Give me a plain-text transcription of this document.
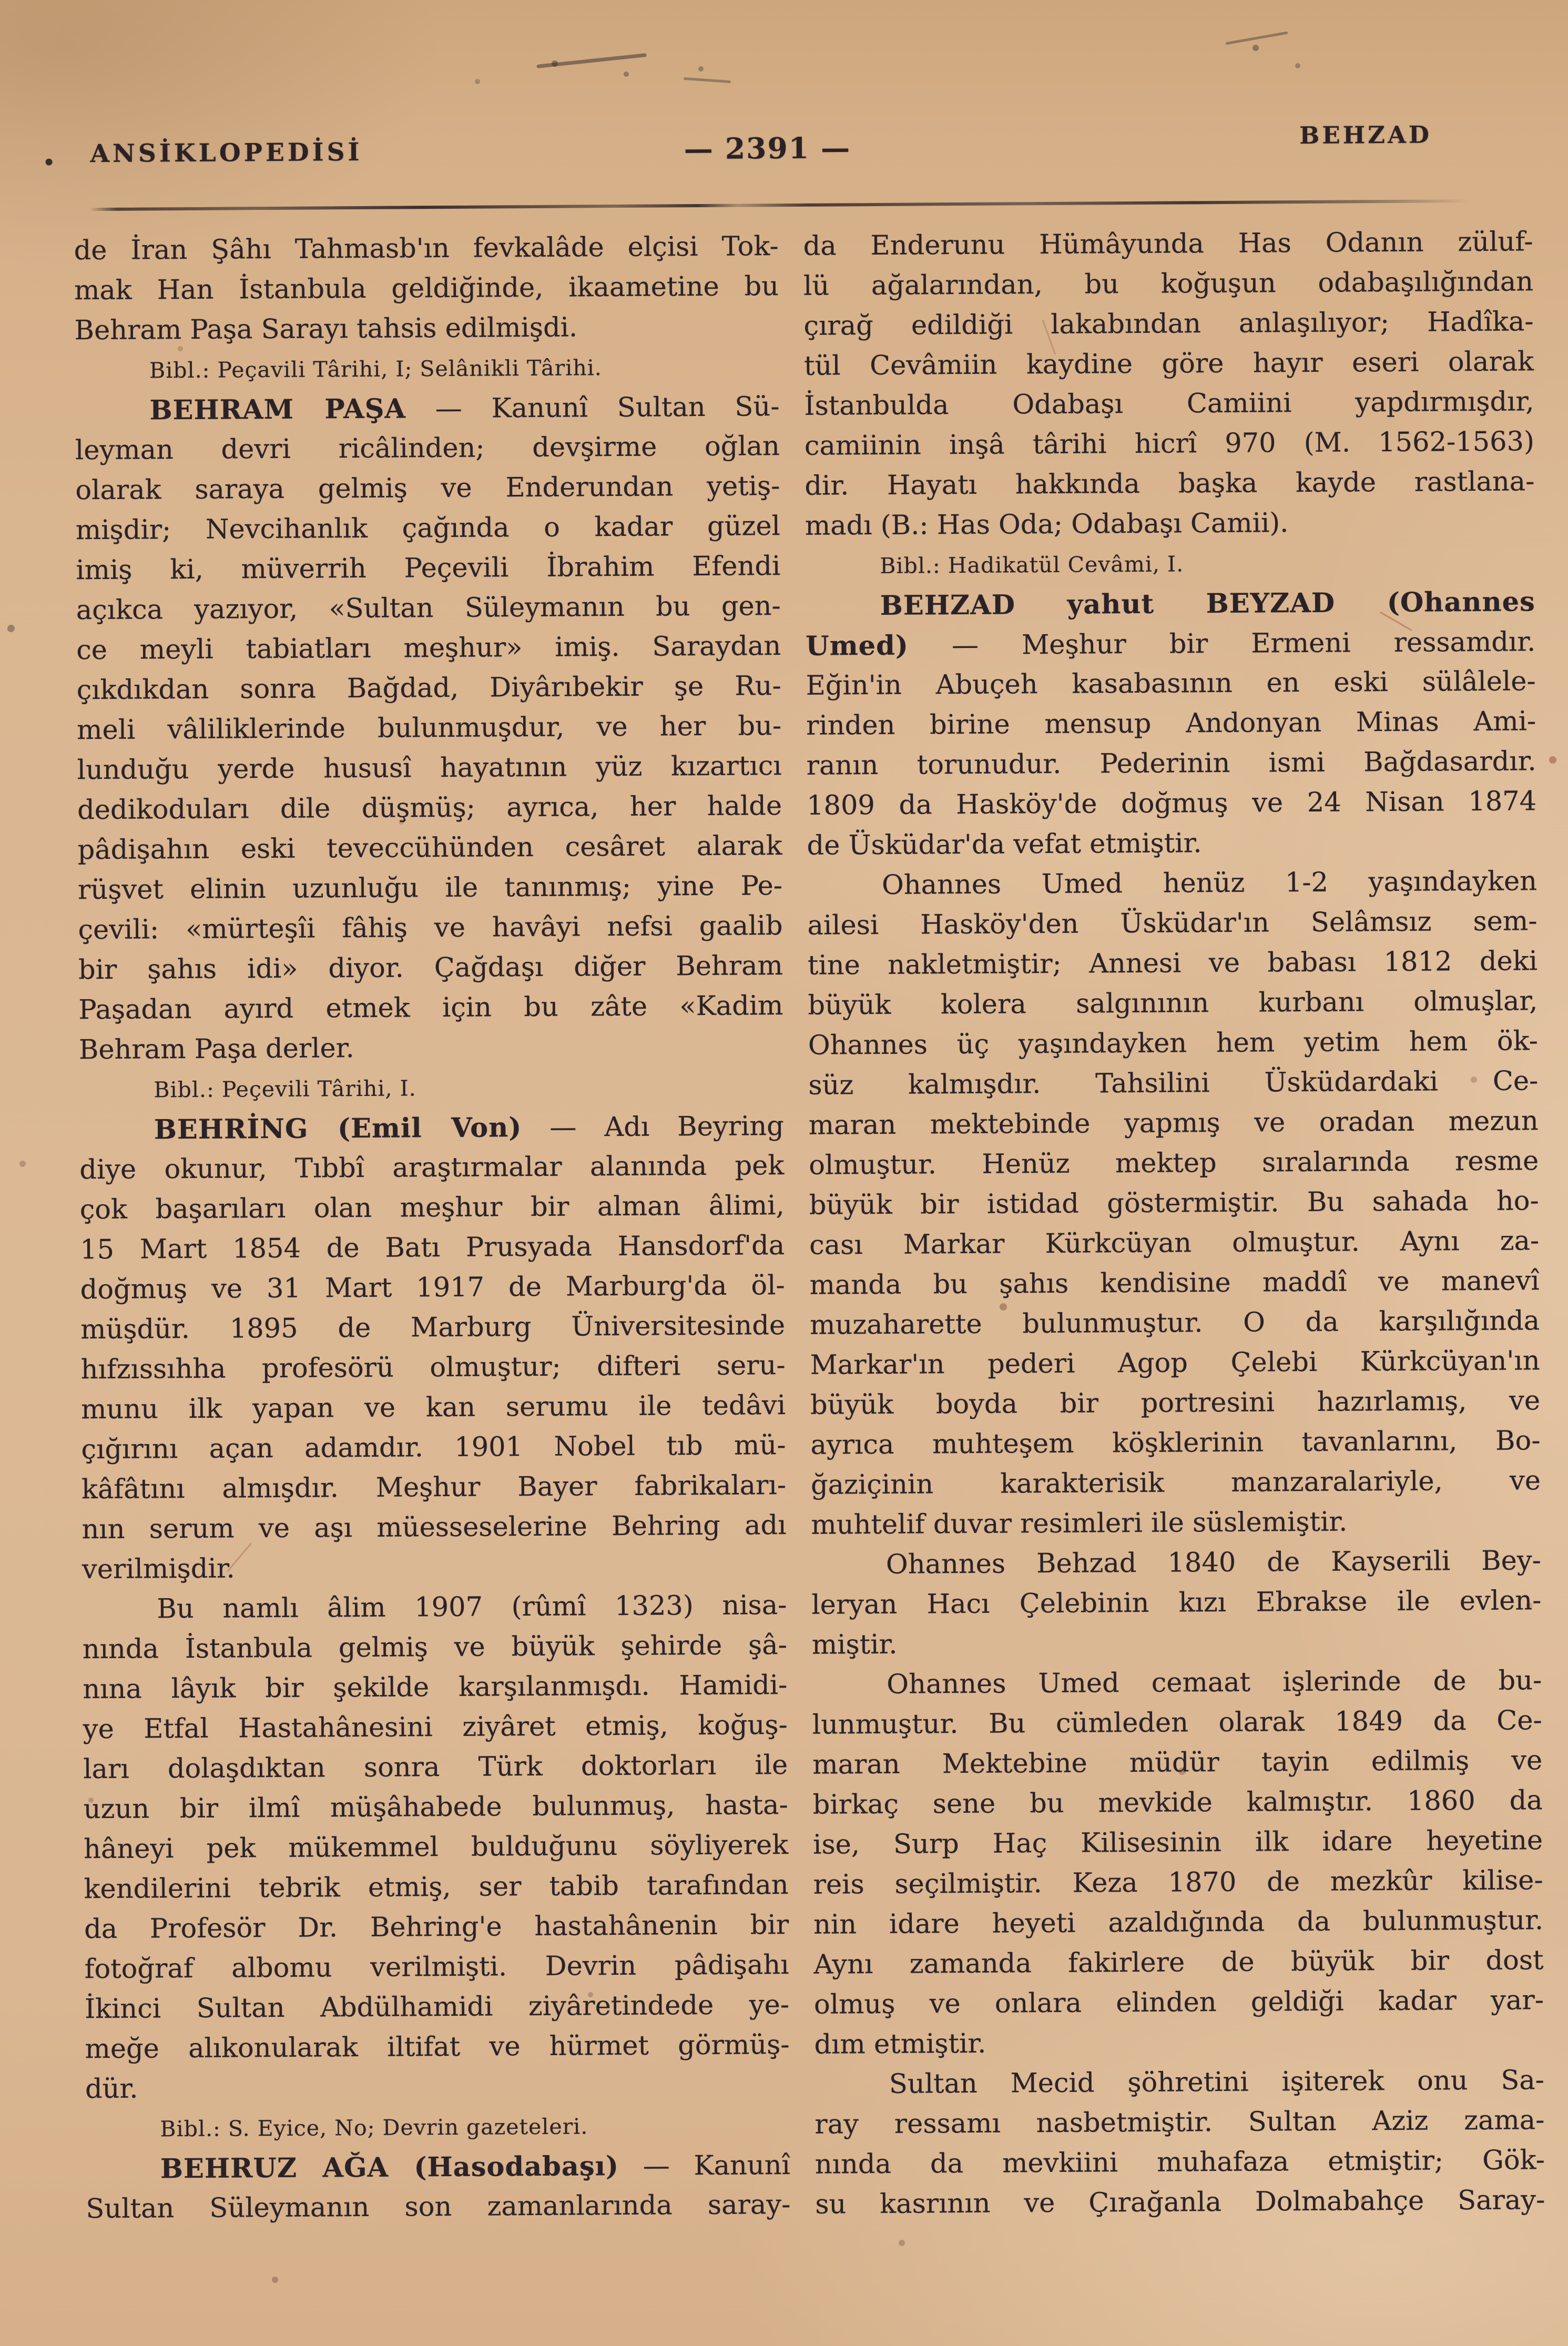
ANSİKLOPEDİSİ	— 2391 —	BEHZAD
de İran Şâhı Tahmasb'ın fevkalâde elçisi Tok-
mak Han İstanbula geldiğinde, ikaametine bu
Behram Paşa Sarayı tahsis edilmişdi.
Bibl.: Peçavili Târihi, I; Selânikli Târihi.
BEHRAM PAŞA — Kanunî Sultan Sü-
leyman devri ricâlinden; devşirme oğlan
olarak saraya gelmiş ve Enderundan yetiş-
mişdir; Nevcihanlık çağında o kadar güzel
imiş ki, müverrih Peçevili İbrahim Efendi
açıkca yazıyor, «Sultan Süleymanın bu gen-
ce meyli tabiatları meşhur» imiş. Saraydan
çıkdıkdan sonra Bağdad, Diyârıbekir şe Ru-
meli vâliliklerinde bulunmuşdur, ve her bu-
lunduğu yerde hususî hayatının yüz kızartıcı
dedikoduları dile düşmüş; ayrıca, her halde
pâdişahın eski teveccühünden cesâret alarak
rüşvet elinin uzunluğu ile tanınmış; yine Pe-
çevili: «mürteşîi fâhiş ve havâyi nefsi gaalib
bir şahıs idi» diyor. Çağdaşı diğer Behram
Paşadan ayırd etmek için bu zâte «Kadim
Behram Paşa derler.
Bibl.: Peçevili Târihi, I.
BEHRİNG (Emil Von) — Adı Beyring
diye okunur, Tıbbî araştırmalar alanında pek
çok başarıları olan meşhur bir alman âlimi,
15 Mart 1854 de Batı Prusyada Hansdorf'da
doğmuş ve 31 Mart 1917 de Marburg'da öl-
müşdür. 1895 de Marburg Üniversitesinde
hıfzıssıhha profesörü olmuştur; difteri seru-
munu ilk yapan ve kan serumu ile tedâvi
çığırını açan adamdır. 1901 Nobel tıb mü-
kâfâtını almışdır. Meşhur Bayer fabrikaları-
nın serum ve aşı müesseselerine Behring adı
verilmişdir.
Bu namlı âlim 1907 (rûmî 1323) nisa-
nında İstanbula gelmiş ve büyük şehirde şâ-
nına lâyık bir şekilde karşılanmışdı. Hamidi-
ye Etfal Hastahânesini ziyâret etmiş, koğuş-
ları dolaşdıktan sonra Türk doktorları ile
uzun bir ilmî müşâhabede bulunmuş, hasta-
hâneyi pek mükemmel bulduğunu söyliyerek
kendilerini tebrik etmiş, ser tabib tarafından
da Profesör Dr. Behring'e hastahânenin bir
fotoğraf albomu verilmişti. Devrin pâdişahı
İkinci Sultan Abdülhamidi ziyâretindede ye-
meğe alıkonularak iltifat ve hürmet görmüş-
dür.
Bibl.: S. Eyice, No; Devrin gazeteleri.
BEHRUZ AĞA (Hasodabaşı) — Kanunî
Sultan Süleymanın son zamanlarında saray-
da Enderunu Hümâyunda Has Odanın züluf-
lü ağalarından, bu koğuşun odabaşılığından
çırağ edildiği lakabından anlaşılıyor; Hadîka-
tül Cevâmiin kaydine göre hayır eseri olarak
İstanbulda Odabaşı Camiini yapdırmışdır,
camiinin inşâ târihi hicrî 970 (M. 1562-1563)
dir. Hayatı hakkında başka kayde rastlana-
madı (B.: Has Oda; Odabaşı Camii).
Bibl.: Hadikatül Cevâmi, I.
BEHZAD yahut BEYZAD (Ohannes
Umed) — Meşhur bir Ermeni ressamdır.
Eğin'in Abuçeh kasabasının en eski sülâlele-
rinden birine mensup Andonyan Minas Ami-
ranın torunudur. Pederinin ismi Bağdasardır.
1809 da Hasköy'de doğmuş ve 24 Nisan 1874
de Üsküdar'da vefat etmiştir.
Ohannes Umed henüz 1-2 yaşındayken
ailesi Hasköy'den Üsküdar'ın Selâmsız sem-
tine nakletmiştir; Annesi ve babası 1812 deki
büyük kolera salgınının kurbanı olmuşlar,
Ohannes üç yaşındayken hem yetim hem ök-
süz kalmışdır. Tahsilini Üsküdardaki Ce-
maran mektebinde yapmış ve oradan mezun
olmuştur. Henüz mektep sıralarında resme
büyük bir istidad göstermiştir. Bu sahada ho-
cası Markar Kürkcüyan olmuştur. Aynı za-
manda bu şahıs kendisine maddî ve manevî
muzaharette bulunmuştur. O da karşılığında
Markar'ın pederi Agop Çelebi Kürkcüyan'ın
büyük boyda bir portresini hazırlamış, ve
ayrıca muhteşem köşklerinin tavanlarını, Bo-
ğaziçinin karakterisik manzaralariyle, ve
muhtelif duvar resimleri ile süslemiştir.
Ohannes Behzad 1840 de Kayserili Bey-
leryan Hacı Çelebinin kızı Ebrakse ile evlen-
miştir.
Ohannes Umed cemaat işlerinde de bu-
lunmuştur. Bu cümleden olarak 1849 da Ce-
maran Mektebine müdür tayin edilmiş ve
birkaç sene bu mevkide kalmıştır. 1860 da
ise, Surp Haç Kilisesinin ilk idare heyetine
reis seçilmiştir. Keza 1870 de mezkûr kilise-
nin idare heyeti azaldığında da bulunmuştur.
Aynı zamanda fakirlere de büyük bir dost
olmuş ve onlara elinden geldiği kadar yar-
dım etmiştir.
Sultan Mecid şöhretini işiterek onu Sa-
ray ressamı nasbetmiştir. Sultan Aziz zama-
nında da mevkiini muhafaza etmiştir; Gök-
su kasrının ve Çırağanla Dolmabahçe Saray-
